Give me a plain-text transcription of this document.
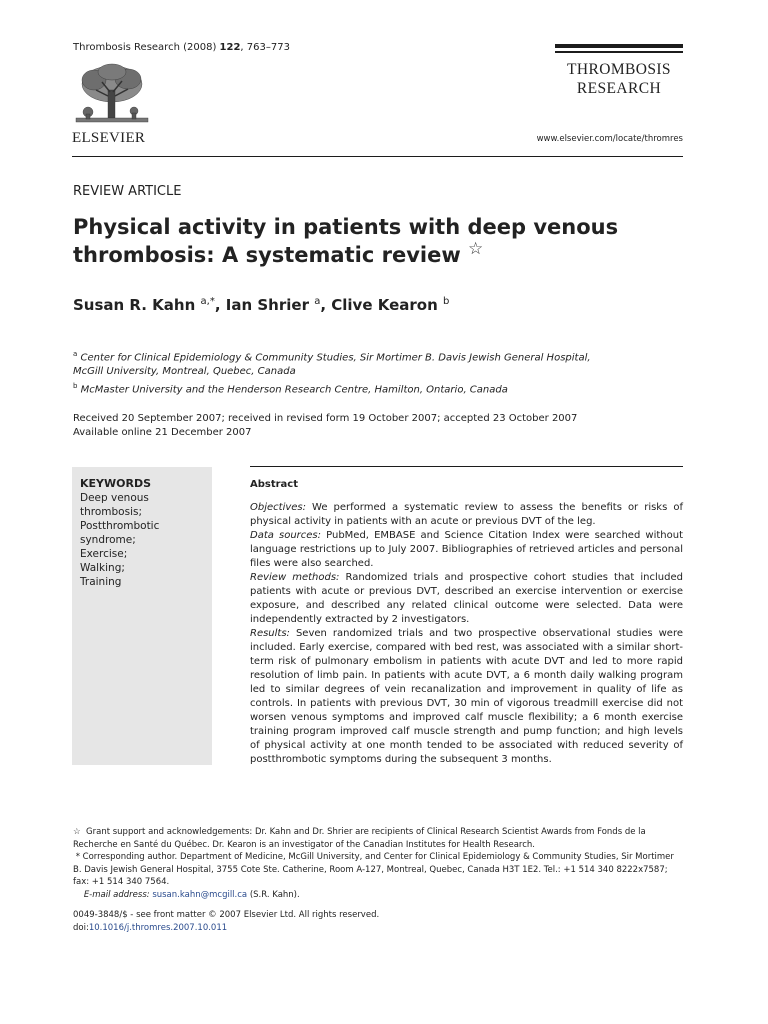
Thrombosis Research (2008) 122, 763–773
ELSEVIER
THROMBOSIS
RESEARCH
www.elsevier.com/locate/thromres
REVIEW ARTICLE
Physical activity in patients with deep venous
thrombosis: A systematic review ☆
Susan R. Kahn $^{a,*}$, Ian Shrier $^a$, Clive Kearon $^b$
$^a$ Center for Clinical Epidemiology & Community Studies, Sir Mortimer B. Davis Jewish General Hospital,
McGill University, Montreal, Quebec, Canada
$^b$ McMaster University and the Henderson Research Centre, Hamilton, Ontario, Canada
Received 20 September 2007; received in revised form 19 October 2007; accepted 23 October 2007
Available online 21 December 2007
KEYWORDS
Deep venous
thrombosis;
Postthrombotic
syndrome;
Exercise;
Walking;
Training
Abstract

Objectives: We performed a systematic review to assess the benefits or risks of physical activity in patients with an acute or previous DVT of the leg.

Data sources: PubMed, EMBASE and Science Citation Index were searched without language restrictions up to July 2007. Bibliographies of retrieved articles and personal files were also searched.

Review methods: Randomized trials and prospective cohort studies that included patients with acute or previous DVT, described an exercise intervention or exercise exposure, and described any related clinical outcome were selected. Data were independently extracted by 2 investigators.

Results: Seven randomized trials and two prospective observational studies were included. Early exercise, compared with bed rest, was associated with a similar short-term risk of pulmonary embolism in patients with acute DVT and led to more rapid resolution of limb pain. In patients with acute DVT, a 6 month daily walking program led to similar degrees of vein recanalization and improvement in quality of life as controls. In patients with previous DVT, 30 min of vigorous treadmill exercise did not worsen venous symptoms and improved calf muscle flexibility; a 6 month exercise training program improved calf muscle strength and pump function; and high levels of physical activity at one month tended to be associated with reduced severity of postthrombotic symptoms during the subsequent 3 months.

☆ Grant support and acknowledgements: Dr. Kahn and Dr. Shrier are recipients of Clinical Research Scientist Awards from Fonds de la Recherche en Santé du Québec. Dr. Kearon is an investigator of the Canadian Institutes for Health Research.

* Corresponding author. Department of Medicine, McGill University, and Center for Clinical Epidemiology & Community Studies, Sir Mortimer B. Davis Jewish General Hospital, 3755 Cote Ste. Catherine, Room A-127, Montreal, Quebec, Canada H3T 1E2. Tel.: +1 514 340 8222x7587; fax: +1 514 340 7564.

E-mail address: susan.kahn@mcgill.ca (S.R. Kahn).

0049-3848/$ - see front matter © 2007 Elsevier Ltd. All rights reserved.

doi:10.1016/j.thromres.2007.10.011
